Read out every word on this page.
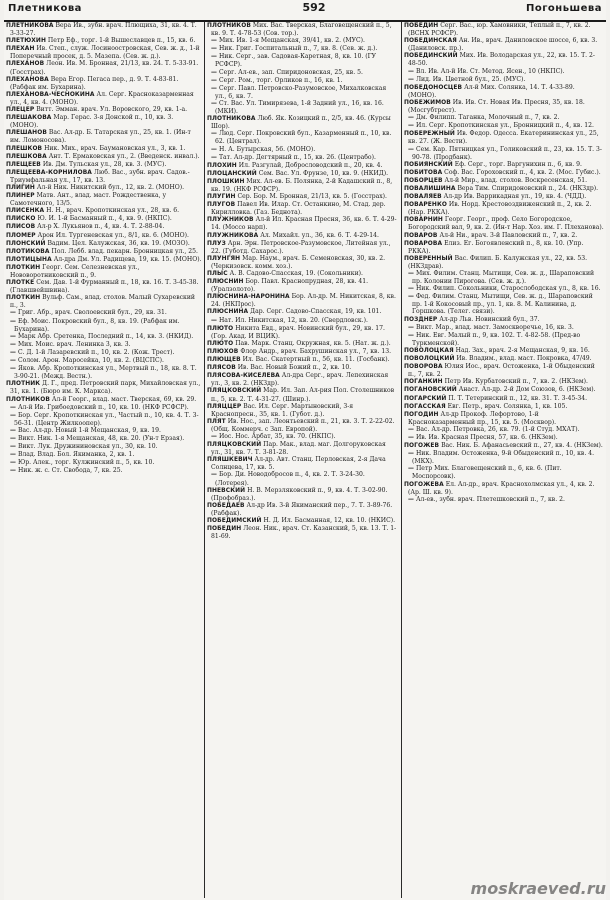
Плетникова	592	Погоньшева

ПЛЕТНИКОВА Вера Ив., зубн. врач. Плющиха, 31, кв. 4. Т. 3-33-27.

ПЛЕТЮХИН Петр Еф., торг. 1-й Вышеславцев п., 15, кв. 6.

ПЛЕХАН Ив. Степ., служ. Лосиноостровская, Сев. ж. д., 1-й Поперечный просек, д. 5. Мазепа. (Сев. ж. д.).

ПЛЕХАНОВ Леон. Ив. М. Бронная, 21/13, кв. 24. Т. 5-33-91. (Госстрах).

ПЛЕХАНОВА Вера Егор. Пегаса пер., д. 9. Т. 4-83-81. (Рабфак им. Бухарина).

ПЛЕХАНОВА-ЧЕСНОКИНА Ал. Серг. Красноказарменная ул., 4, кв. 4. (МОНО).

ПЛЕЦЕР Витт. Эмман. врач. Ул. Воровского, 29, кв. 1-а.

ПЛЕШАКОВА Мар. Герас. 3-я Донской п., 10, кв. 3. (МОНО).

ПЛЕШАНОВ Вас. Ал-др. Б. Татарская ул., 25, кв. 1. (Ин-т им. Ломоносова).

ПЛЕШКОВ Ник. Мих., врач. Баумановская ул., 3, кв. 1.

ПЛЕШКОВА Ант. Т. Ермаковская ул., 2. (Введенск. инвал.).

ПЛЕЩЕЕВ Ив. Дм. Тульская ул., 28, кв. 3. (МУС).

ПЛЕЩЕЕВА-КОРНИЛОВА Люб. Вас., зубн. врач. Садов.-Триумфальная ул., 17, кв. 13.

ПЛИГИН Ал-й Ник. Никитский бул., 12, кв. 2. (МОНО).

ПЛИНЕР Матв. Ант., влад. маст. Рождественка, у Самотечного, 13/5.

ПЛИСЕНКА Н. Н., врач. Кропоткинская ул., 28, кв. 6.

ПЛИСКО Ю. И. 1-й Басманный п., 4, кв. 9. (НКПС).

ПЛИСОВ Ал-р Х. Лукьянов п., 4, кв. 4. Т. 2-88-04.

ПЛОМЕР Арон Ил. Тургеневская ул., 8/1, кв. 6. (МОНО).

ПЛОНСКИЙ Вадим. Цел. Калужская, 36, кв. 19. (МОЗО).

ПЛОТИКОВА Пол. Лебб. влад. пекарн. Бронницкая ул., 25.

ПЛОТИЦЫНА Ал-дра Дм. Ул. Радищева, 19, кв. 15. (МОНО).

ПЛОТКИН Георг. Сем. Селезневская ул., Нововоротниковский п., 9.

ПЛОТКЕ Сем. Дав. 1-й Фурманный п., 18, кв. 16. Т. 3-45-38. (Главшвейшвина).

ПЛОТКИН Вульф. Сам., влад. столов. Малый Сухаревский п., 3.

— Григ. Абр., врач. Сволоевский бул., 29, кв. 31.

— Еф. Моис. Покровский бул., 8, кв. 19. (Рабфак им. Бухарина).

— Марк Абр. Сретенка, Последний п., 14, кв. 3. (НКИД).

— Мих. Моис. врач. Ленинка 3, кв. 3.

— С. Д. 1-й Лазаревский п., 10, кв. 2. (Кож. Трест).

— Солом. Арон. Маросейка, 10, кв. 2. (ВЦСПС).

— Яков. Абр. Кропоткинская ул., Мертвый п., 18, кв. 8. Т. 3-90-21. (Межд. Вестн.).

ПЛОТНИК Д. Г., пред. Петровский парк, Михайловская ул., 31, кв. 1. (Бюро им. К. Маркса).

ПЛОТНИКОВ Ал-й Георг., влад. маст. Тверская, 69, кв. 29.

— Ал-й Ив. Грибоедовский п., 10, кв. 10. (НКФ РСФСР).

— Бор. Серг. Кропоткинская ул., Частый п., 10, кв. 4. Т. 3-56-31. (Центр Жилкоопер).

— Вас. Ал-др. Новый 1-й Мещанская, 9, кв. 19.

— Викт. Ник. 1-я Мещанская, 48, кв. 20. (Ун-т Ерзая).

— Викт. Лук. Дружининовская ул., 30, кв. 10.

— Влад. Влад. Бол. Якиманка, 2, кв. 1.

— Юр. Алек., торг. Кулжинский п., 5, кв. 10.

— Ник. ж. с. Ст. Свобода, 7, кв. 25.

ПЛОТНИКОВ Мих. Вас. Тверская, Благовещенский п., 5, кв. 9. Т. 4-78-53 (Сов. тор.).

— Мих. Ив. 1-я Мещанская, 39/41, кв. 2. (МУС).

— Ник. Григ. Госпитальный п., 7, кв. 8. (Сев. ж. д.).

— Ник. Серг., зав. Садовая-Каретная, 8, кв. 10. (ГУ РСФСР).

— Серг. Ал-ев., зап. Спиридоновская, 25, кв. 5.

— Серг. Ром., торг. Орликов п., 16, кв. 1.

— Серг. Павл. Петровско-Разумовское, Михалковская ул., 6, кв. 7.

— Ст. Вас. Ул. Тимирязева, 1-й Задний ул., 16, кв. 16. (МКИ).

ПЛОТНИКОВА Люб. Як. Козицкий п., 2/5, кв. 46. (Курсы Шор).

— Люд. Серг. Покровский бул., Казарменный п., 10, кв. 62. (Централ).

— Н. А. Бутырская, 56. (МОНО).

— Тат. Ал-др. Дегтярный п., 15, кв. 26. (Центрабо).

ПЛОХИН Ил. Разгулай, Добрословодский п., 20, кв. 4.

ПЛОЦАНСКИЙ Сем. Вас. Ул. Фрунзе, 10, кв. 9. (НКИД).

ПЛОШКИН Мих. Ал-ев. Б. Полянка, 2-й Кадашский п., 8, кв. 19. (НКФ РСФСР).

ПЛУГИН Сер. Бор. М. Бронная, 21/13, кв. 5. (Госстрах).

ПЛУГОВ Павел Ив. Илар. Ст. Останкино, М. Стад. дер. Кирилловка. (Газ. Беднота).

ПЛУЖНИКОВ Ал-й Ил. Красная Пресня, 36, кв. 6. Т. 4-29-14. (Моссо нарп).

ПЛУЖНИКОВА Ал. Михайл. ул., 36, кв. 6. Т. 4-29-14.

ПЛУЗ Арн. Эрн. Петровское-Разумовское, Литейная ул., 22. (Губотд. Сахарос.).

ПЛУНГЯН Мар. Наум., врач. Б. Семеновская, 30, кв. 2. (Черкизовск. комм. хоз.).

ПЛЫС А. В. Садово-Спасская, 19. (Сокольники).

ПЛЮСНИН Бор. Павл. Краснопрудная, 28, кв. 41. (Уралзолото).

ПЛЮСНИНА-НАРОНИНА Бор. Ал-др. М. Никитская, 8, кв. 24. (НКПрос).

ПЛЮСНИНА Дар. Серг. Садово-Спасская, 19, кв. 101.

— Нат. Ил. Никитская, 12, кв. 20. (Свердловск.).

ПЛЮТО Никита Евд., врач. Новинский бул., 29, кв. 17. (Гор. Акад. И ВЦИК).

ПЛЮТО Пав. Марк. Станц. Окружная, кв. 5. (Нат. ж. д.).

ПЛЮХОВ Флор Андр., врач. Бахрушинская ул., 7, кв. 13.

ПЛЮЩЕВ Ил. Вас. Скатертный п., 56, кв. 11. (Госбанк).

ПЛЯСОВ Ив. Вас. Новый Божий п., 2, кв. 10.

ПЛЯСОВА-КИСЕЛЕВА Ал-дра Серг., врач. Лепехинская ул., 3, кв. 2. (НКЗдр).

ПЛЯЦКОВСКИЙ Мар. Ил. Зап. Ал-рия Пол. Столешников п., 5, кв. 2. Т. 4-31-27. (Шинр.).

ПЛЯЦЦЕР Вас. Ил. Серг. Мартыновский, 3-я Краснопресн., 35, кв. 1. (Губот. д.).

ПЛЯТ Ив. Нос., зап. Леонтьевский п., 21, кв. 3. Т. 2-22-02. (Общ. Коммерч. с Зап. Европой).

— Иос. Нос. Арбат, 35, кв. 70. (НКПС).

ПЛЯЦКОВСКИЙ Пар. Мак., влад. маг. Долгоруковская ул., 31, кв. 7. Т. 3-81-28.

ПЛЯШКЕВИЧ Ал-др. Авт. Станц. Перловская, 2-я Дача Солнцева, 17, кв. 5.

— Бор. Ди. Новодобросов п., 4, кв. 2. Т. 3-24-30. (Лотерея).

ПНЕВСКИЙ Н. В. Мерзляковский п., 9, кв. 4. Т. 3-02-90. (Профобраз.).

ПОБЕДАЕВ Ал-др Ив. 3-й Якиманский пер., 7. Т. 3-89-76. (Рабфак).

ПОБЕДИМСКИЙ Н. Д. Ил. Басманная, 12, кв. 10. (НКИС).

ПОБЕДИН Леон. Ник., врач. Ст. Казанский, 5, кв. 13. Т. 1-81-69.

ПОБЕДИН Серг. Вас., юр. Хамовники, Теплый п., 7, кв. 2. (ВСНХ РСФСР).

ПОБЕДИНСКАЯ Ан. Ив., врач. Даниловское шоссе, 6, кв. 3. (Даниловск. пр.).

ПОБЕДИНСКИЙ Мих. Ив. Володарская ул., 22, кв. 15. Т. 2-48-50.

— Вл. Ив. Ал-й Ив. Ст. Метод. Ясен., 10 (НКПС).

— Лид. Ив. Цветной бул., 25. (МУС).

ПОБЕДОНОСЦЕВ Ал-й Мих. Солянка, 14. Т. 4-33-89. (МОНО).

ПОБЕЖИМОВ Ив. Ив. Ст. Новая Ив. Пресня, 35, кв. 18. (Мосгубтрест).

— Дм. Филипп. Таганка, Молочный п., 7, кв. 2.

— Ил. Серг. Кропоткинская ул., Бронницкий п., 4, кв. 12.

ПОБЕРЕЖНЫЙ Ив. Федор. Одесса. Екатерининская ул., 25, кв. 27. (Ж. Вести).

— Сем. Кар. Пятницкая ул., Голиковский п., 23, кв. 15. Т. 3-90-78. (Продбанк).

ПОБИЯНСКИЙ Еф. Серг., торг. Варгунихин п., 6, кв. 9.

ПОБИТОВА Соф. Вас. Гороховский п., 4, кв. 2. (Мос. Губис.).

ПОБОРЦЕВ Ал-й Мир., влад. столов. Воскресенская, 51.

ПОВАЛИШИНА Вера Тим. Спиридоновский п., 24. (НКЗдр).

ПОВАЛЯЕВ Ал-др Ив. Варрикадная ул., 19, кв. 4. (ЧДД).

ПОВАРЕНКО Ив. Норд. Крестовоздвиженский п., 2, кв. 2. (Нар. РККА).

ПОВАРНИН Георг. Георг., проф. Село Богородское, Богородский вал, 9, кв. 2. (Ин-т Нар. Хоз. им. Г. Плеханова).

ПОВАРОВ Ал-й Ни., врач. 3-й Павловский п., 7, кв. 2.

ПОВАРОВА Елиз. Ег. Богоявленский п., 8, кв. 10. (Упр. РККА).

ПОВЕРЕННЫЙ Вас. Филип. Б. Калужская ул., 22, кв. 53. (НКЗдрав).

— Мих. Филим. Станц. Мытищи, Сев. ж. д., Шараповский пр. Колонии Пирогова. (Сев. ж. д.).

— Ник. Филип. Сокольники, Старослободская ул., 8, кв. 16.

— Фед. Филим. Станц. Мытищи, Сев. ж. д., Шараповский пр. 1-й Кокосовый пр., ул. 1, кв. 8. М. Калинина, д. Горшкова. (Телег. связи).

ПОЗДНЕР Ал-др Льв. Новинский бул., 37.

— Викт. Мар., влад. маст. Замоскворечье, 16, кв. 3.

— Ник. Евг. Малый п., 9, кв. 102. Т. 4-82-58. (Пред-во Туркменской).

ПОВОЛОЦКАЯ Над. Зах., врач. 2-я Мещанская, 9, кв. 16.

ПОВОЛОЦКИЙ Ив. Владим., влад. маст. Покровка, 47/49.

ПОВОРОВА Юлия Иос., врач. Остоженка, 1-й Обыденский п., 7, кв. 2.

ПОГАНКИН Петр Ив. Курбатовский п., 7, кв. 2. (НКЗем).

ПОГАНОВСКИЙ Анаст. Ал-др. 2-й Дом Союзов, 6. (НКЗем).

ПОГАРСКИЙ П. Т. Тетеринский п., 12, кв. 31. Т. 3-45-34.

ПОГАССКАЯ Евг. Петр., врач. Солянка, 1, кв. 105.

ПОГОДИН Ал-др Прокоф. Лефортово, 1-й Красноказарменный пр., 15, кв. 5. (Москвор).

— Вас. Ал-др. Петровка, 26, кв. 79. (1-й Студ. МХАТ).

— Ив. Ив. Красная Пресня, 57, кв. 6. (НКЗем).

ПОГОЖЕВ Вас. Ник. Б. Афанасьевский п., 27, кв. 4. (НКЗем).

— Ник. Владим. Остоженка, 9-й Обыденский п., 10, кв. 4. (МКХ).

— Петр Мих. Благовещенский п., 6, кв. 6. (Пит. Моспорсовк).

ПОГОЖЕВА Ел. Ал-др., врач. Краснохолмская ул., 4, кв. 2. (Ар. Ш. кв. 9).

— Ал-ев., зубн. врач. Плетешковский п., 7, кв. 2.

moskraeved.ru
